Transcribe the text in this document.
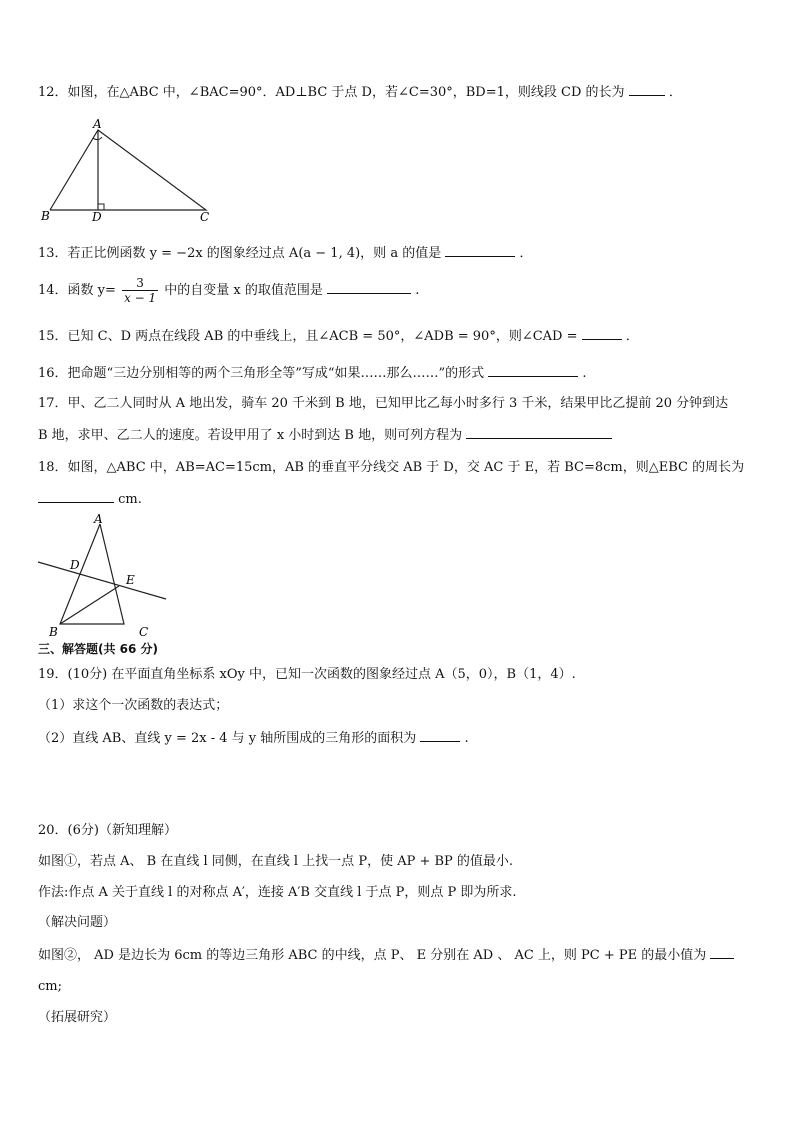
12．如图，在△ABC 中，∠BAC=90°．AD⊥BC 于点 D，若∠C=30°，BD=1，则线段 CD 的长为	．
A
B	D	C
13．若正比例函数 y = −2x 的图象经过点 A(a − 1, 4)，则 a 的值是	．
14．函数 $y= \frac{3}{x - 1}$ 中的自变量 x 的取值范围是	.
15．已知 C、D 两点在线段 AB 的中垂线上，且∠ACB = 50°，∠ADB = 90°，则∠CAD =	．
16．把命题“三边分别相等的两个三角形全等”写成“如果……那么……”的形式	.
17．甲、乙二人同时从 A 地出发，骑车 20 千米到 B 地，已知甲比乙每小时多行 3 千米，结果甲比乙提前 20 分钟到达
B 地，求甲、乙二人的速度。若设甲用了 x 小时到达 B 地，则可列方程为
18．如图，△ABC 中，AB=AC=15cm，AB 的垂直平分线交 AB 于 D，交 AC 于 E，若 BC=8cm，则△EBC 的周长为
cm.
A
D
E
B	C
三、解答题(共 66 分)
19．(10分) 在平面直角坐标系 xOy 中，已知一次函数的图象经过点 A（5，0），B（1，4）.
（1）求这个一次函数的表达式；
（2）直线 AB、直线 y = 2x - 4 与 y 轴所围成的三角形的面积为	.
20．(6分)（新知理解）
如图①，若点 A、 B 在直线 l 同侧，在直线 l 上找一点 P，使 AP + BP 的值最小.
作法:作点 A 关于直线 l 的对称点 A′，连接 A′B 交直线 l 于点 P，则点 P 即为所求.
（解决问题）
如图②， AD 是边长为 6cm 的等边三角形 ABC 的中线，点 P、 E 分别在 AD 、 AC 上，则 PC + PE 的最小值为
cm;
（拓展研究）
